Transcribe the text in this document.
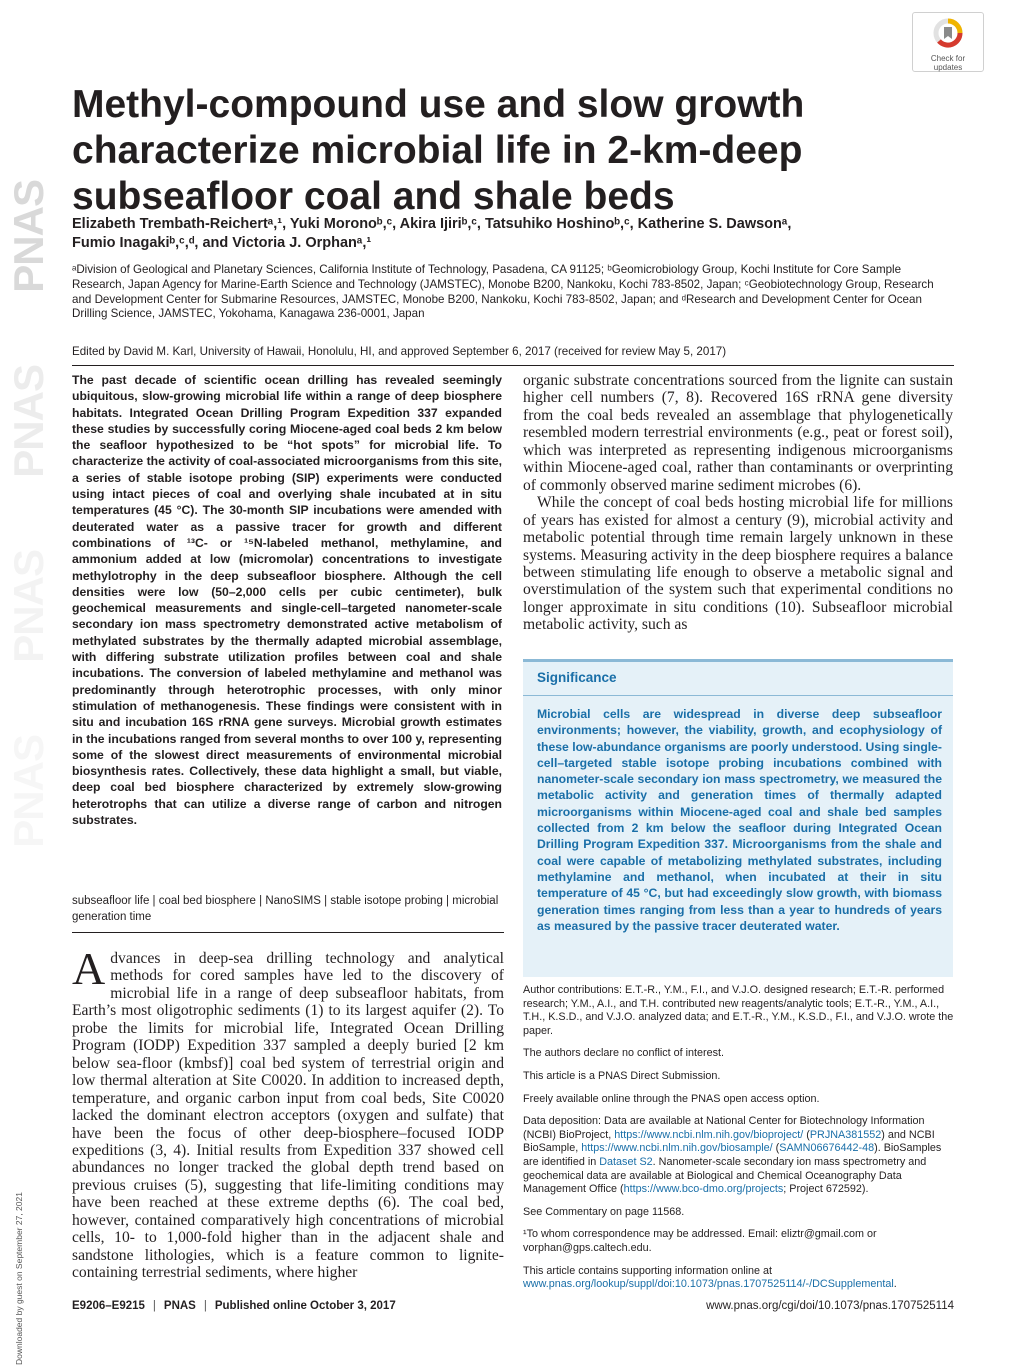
PNAS
PNAS
PNAS
PNAS
Downloaded by guest on September 27, 2021
Check for
updates
Methyl-compound use and slow growth characterize microbial life in 2-km-deep subseafloor coal and shale beds
Elizabeth Trembath-Reichertᵃ,¹, Yuki Moronoᵇ,ᶜ, Akira Ijiriᵇ,ᶜ, Tatsuhiko Hoshinoᵇ,ᶜ, Katherine S. Dawsonᵃ,
Fumio Inagakiᵇ,ᶜ,ᵈ, and Victoria J. Orphanᵃ,¹
ᵃDivision of Geological and Planetary Sciences, California Institute of Technology, Pasadena, CA 91125; ᵇGeomicrobiology Group, Kochi Institute for Core Sample Research, Japan Agency for Marine-Earth Science and Technology (JAMSTEC), Monobe B200, Nankoku, Kochi 783-8502, Japan; ᶜGeobiotechnology Group, Research and Development Center for Submarine Resources, JAMSTEC, Monobe B200, Nankoku, Kochi 783-8502, Japan; and ᵈResearch and Development Center for Ocean Drilling Science, JAMSTEC, Yokohama, Kanagawa 236-0001, Japan
Edited by David M. Karl, University of Hawaii, Honolulu, HI, and approved September 6, 2017 (received for review May 5, 2017)
The past decade of scientific ocean drilling has revealed seemingly ubiquitous, slow-growing microbial life within a range of deep biosphere habitats. Integrated Ocean Drilling Program Expedition 337 expanded these studies by successfully coring Miocene-aged coal beds 2 km below the seafloor hypothesized to be “hot spots” for microbial life. To characterize the activity of coal-associated microorganisms from this site, a series of stable isotope probing (SIP) experiments were conducted using intact pieces of coal and overlying shale incubated at in situ temperatures (45 °C). The 30-month SIP incubations were amended with deuterated water as a passive tracer for growth and different combinations of ¹³C- or ¹⁵N-labeled methanol, methylamine, and ammonium added at low (micromolar) concentrations to investigate methylotrophy in the deep subseafloor biosphere. Although the cell densities were low (50–2,000 cells per cubic centimeter), bulk geochemical measurements and single-cell–targeted nanometer-scale secondary ion mass spectrometry demonstrated active metabolism of methylated substrates by the thermally adapted microbial assemblage, with differing substrate utilization profiles between coal and shale incubations. The conversion of labeled methylamine and methanol was predominantly through heterotrophic processes, with only minor stimulation of methanogenesis. These findings were consistent with in situ and incubation 16S rRNA gene surveys. Microbial growth estimates in the incubations ranged from several months to over 100 y, representing some of the slowest direct measurements of environmental microbial biosynthesis rates. Collectively, these data highlight a small, but viable, deep coal bed biosphere characterized by extremely slow-growing heterotrophs that can utilize a diverse range of carbon and nitrogen substrates.
subseafloor life | coal bed biosphere | NanoSIMS | stable isotope probing | microbial generation time
Advances in deep-sea drilling technology and analytical methods for cored samples have led to the discovery of microbial life in a range of deep subseafloor habitats, from Earth’s most oligotrophic sediments (1) to its largest aquifer (2). To probe the limits for microbial life, Integrated Ocean Drilling Program (IODP) Expedition 337 sampled a deeply buried [2 km below sea-floor (kmbsf)] coal bed system of terrestrial origin and low thermal alteration at Site C0020. In addition to increased depth, temperature, and organic carbon input from coal beds, Site C0020 lacked the dominant electron acceptors (oxygen and sulfate) that have been the focus of other deep-biosphere–focused IODP expeditions (3, 4). Initial results from Expedition 337 showed cell abundances no longer tracked the global depth trend based on previous cruises (5), suggesting that life-limiting conditions may have been reached at these extreme depths (6). The coal bed, however, contained comparatively high concentrations of microbial cells, 10- to 1,000-fold higher than in the adjacent shale and sandstone lithologies, which is a feature common to lignite-containing terrestrial sediments, where higher

organic substrate concentrations sourced from the lignite can sustain higher cell numbers (7, 8). Recovered 16S rRNA gene diversity from the coal beds revealed an assemblage that phylogenetically resembled modern terrestrial environments (e.g., peat or forest soil), which was interpreted as representing indigenous microorganisms within Miocene-aged coal, rather than contaminants or overprinting of commonly observed marine sediment microbes (6).

While the concept of coal beds hosting microbial life for millions of years has existed for almost a century (9), microbial activity and metabolic potential through time remain largely unknown in these systems. Measuring activity in the deep biosphere requires a balance between stimulating life enough to observe a metabolic signal and overstimulation of the system such that experimental conditions no longer approximate in situ conditions (10). Subseafloor microbial metabolic activity, such as

Significance
Microbial cells are widespread in diverse deep subseafloor environments; however, the viability, growth, and ecophysiology of these low-abundance organisms are poorly understood. Using single-cell–targeted stable isotope probing incubations combined with nanometer-scale secondary ion mass spectrometry, we measured the metabolic activity and generation times of thermally adapted microorganisms within Miocene-aged coal and shale bed samples collected from 2 km below the seafloor during Integrated Ocean Drilling Program Expedition 337. Microorganisms from the shale and coal were capable of metabolizing methylated substrates, including methylamine and methanol, when incubated at their in situ temperature of 45 °C, but had exceedingly slow growth, with biomass generation times ranging from less than a year to hundreds of years as measured by the passive tracer deuterated water.

Author contributions: E.T.-R., Y.M., F.I., and V.J.O. designed research; E.T.-R. performed research; Y.M., A.I., and T.H. contributed new reagents/analytic tools; E.T.-R., Y.M., A.I., T.H., K.S.D., and V.J.O. analyzed data; and E.T.-R., Y.M., K.S.D., F.I., and V.J.O. wrote the paper.

The authors declare no conflict of interest.

This article is a PNAS Direct Submission.

Freely available online through the PNAS open access option.

Data deposition: Data are available at National Center for Biotechnology Information (NCBI) BioProject, https://www.ncbi.nlm.nih.gov/bioproject/ (PRJNA381552) and NCBI BioSample, https://www.ncbi.nlm.nih.gov/biosample/ (SAMN06676442-48). BioSamples are identified in Dataset S2. Nanometer-scale secondary ion mass spectrometry and geochemical data are available at Biological and Chemical Oceanography Data Management Office (https://www.bco-dmo.org/projects; Project 672592).

See Commentary on page 11568.

¹To whom correspondence may be addressed. Email: eliztr@gmail.com or vorphan@gps.caltech.edu.

This article contains supporting information online at www.pnas.org/lookup/suppl/doi:10.1073/pnas.1707525114/-/DCSupplemental.

E9206–E9215 | PNAS | Published online October 3, 2017	www.pnas.org/cgi/doi/10.1073/pnas.1707525114
